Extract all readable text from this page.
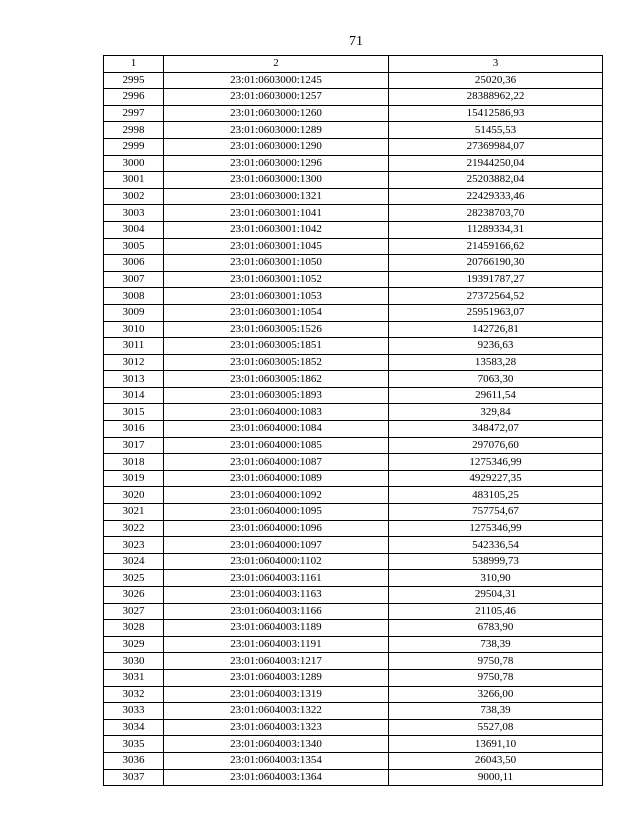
71
1	2	3
2995	23:01:0603000:1245	25020,36
2996	23:01:0603000:1257	28388962,22
2997	23:01:0603000:1260	15412586,93
2998	23:01:0603000:1289	51455,53
2999	23:01:0603000:1290	27369984,07
3000	23:01:0603000:1296	21944250,04
3001	23:01:0603000:1300	25203882,04
3002	23:01:0603000:1321	22429333,46
3003	23:01:0603001:1041	28238703,70
3004	23:01:0603001:1042	11289334,31
3005	23:01:0603001:1045	21459166,62
3006	23:01:0603001:1050	20766190,30
3007	23:01:0603001:1052	19391787,27
3008	23:01:0603001:1053	27372564,52
3009	23:01:0603001:1054	25951963,07
3010	23:01:0603005:1526	142726,81
3011	23:01:0603005:1851	9236,63
3012	23:01:0603005:1852	13583,28
3013	23:01:0603005:1862	7063,30
3014	23:01:0603005:1893	29611,54
3015	23:01:0604000:1083	329,84
3016	23:01:0604000:1084	348472,07
3017	23:01:0604000:1085	297076,60
3018	23:01:0604000:1087	1275346,99
3019	23:01:0604000:1089	4929227,35
3020	23:01:0604000:1092	483105,25
3021	23:01:0604000:1095	757754,67
3022	23:01:0604000:1096	1275346,99
3023	23:01:0604000:1097	542336,54
3024	23:01:0604000:1102	538999,73
3025	23:01:0604003:1161	310,90
3026	23:01:0604003:1163	29504,31
3027	23:01:0604003:1166	21105,46
3028	23:01:0604003:1189	6783,90
3029	23:01:0604003:1191	738,39
3030	23:01:0604003:1217	9750,78
3031	23:01:0604003:1289	9750,78
3032	23:01:0604003:1319	3266,00
3033	23:01:0604003:1322	738,39
3034	23:01:0604003:1323	5527,08
3035	23:01:0604003:1340	13691,10
3036	23:01:0604003:1354	26043,50
3037	23:01:0604003:1364	9000,11
